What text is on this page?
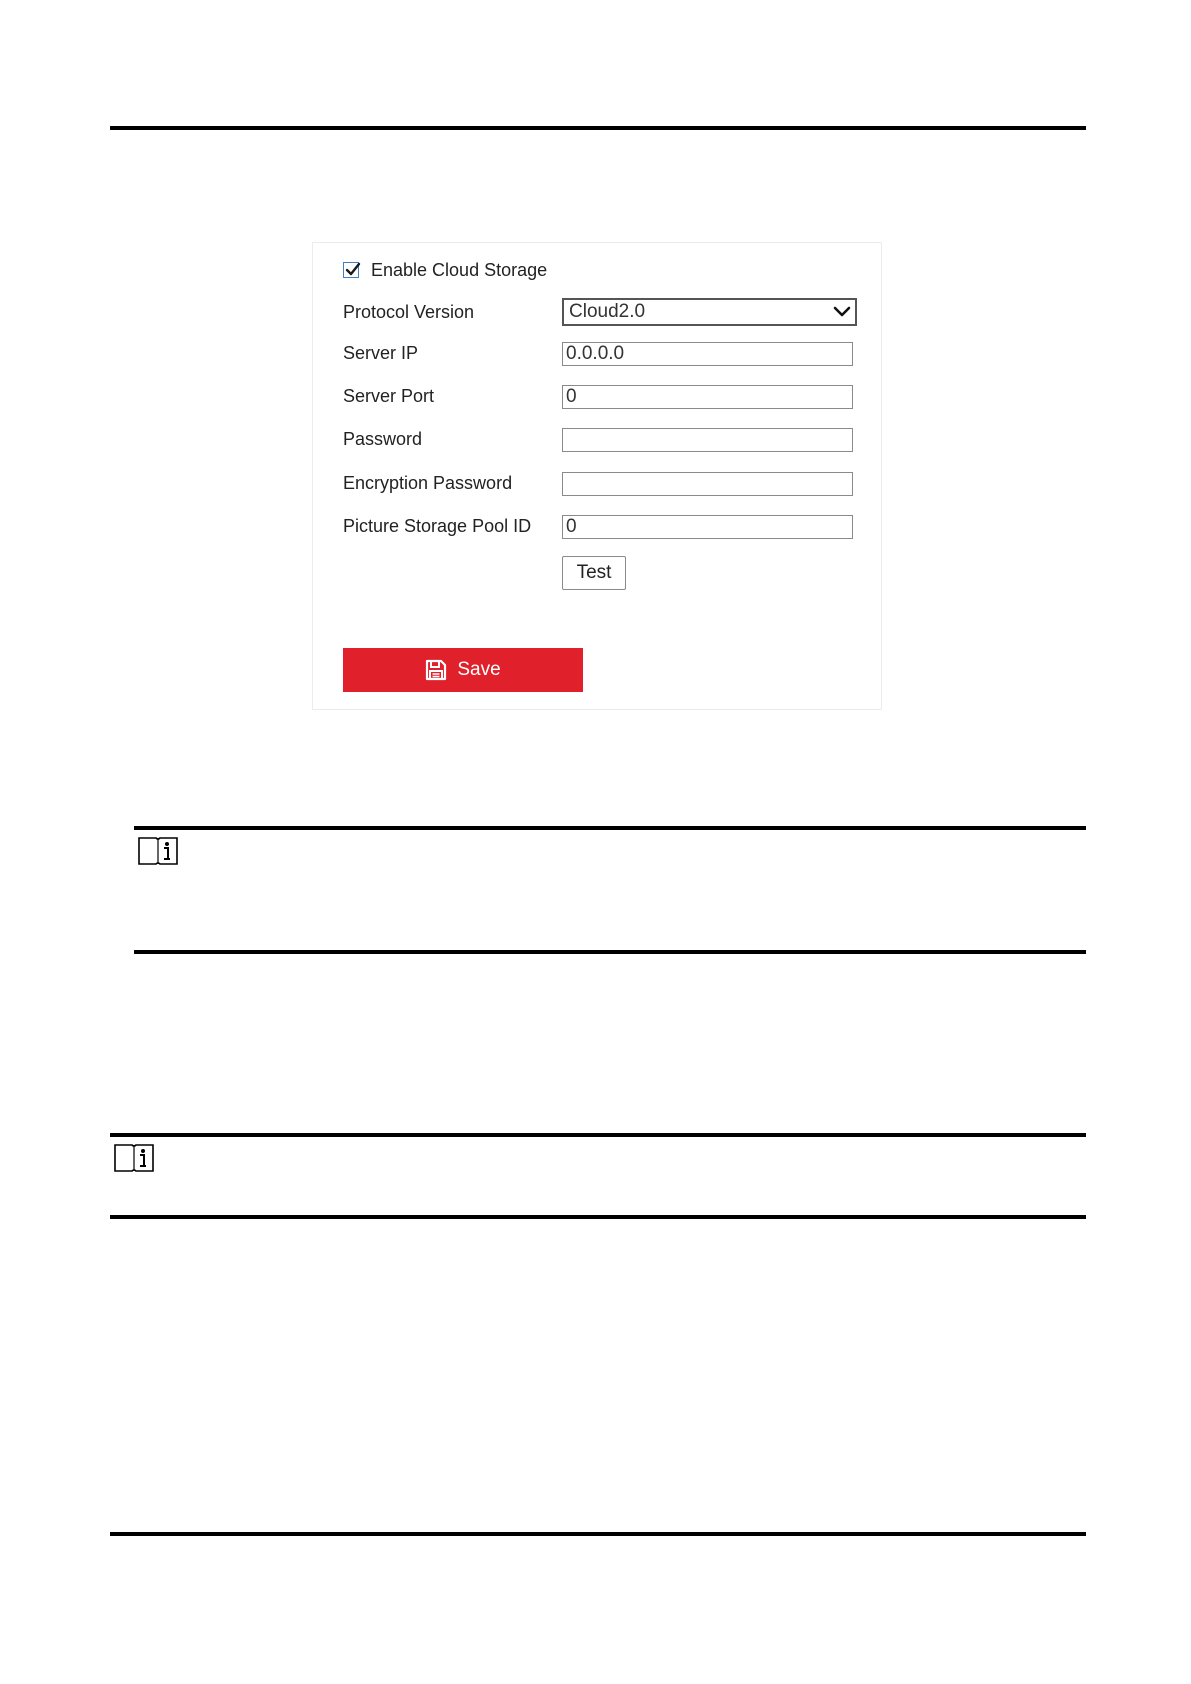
Enable Cloud Storage
Protocol Version	Cloud2.0
Server IP	0.0.0.0
Server Port	0
Password
Encryption Password
Picture Storage Pool ID 0
Test
Save
